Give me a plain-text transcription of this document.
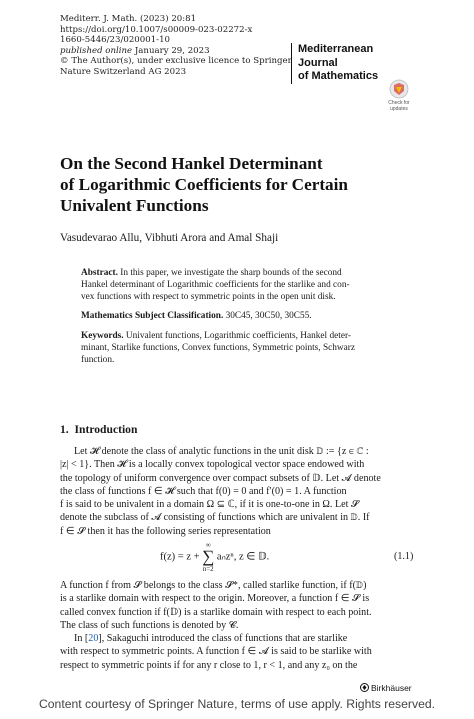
Mediterr. J. Math. (2023) 20:81
https://doi.org/10.1007/s00009-023-02272-x
1660-5446/23/020001-10
published online January 29, 2023
© The Author(s), under exclusive licence to Springer
Nature Switzerland AG 2023
Mediterranean Journal
of Mathematics
Check for
updates
On the Second Hankel Determinant
of Logarithmic Coefficients for Certain
Univalent Functions
Vasudevarao Allu, Vibhuti Arora and Amal Shaji
Abstract. In this paper, we investigate the sharp bounds of the second
Hankel determinant of Logarithmic coefficients for the starlike and con-
vex functions with respect to symmetric points in the open unit disk.
Mathematics Subject Classification. 30C45, 30C50, 30C55.
Keywords. Univalent functions, Logarithmic coefficients, Hankel deter-
minant, Starlike functions, Convex functions, Symmetric points, Schwarz
function.
1. Introduction
Let 𝓗 denote the class of analytic functions in the unit disk 𝔻 := {z ∈ ℂ :
|z| < 1}. Then 𝓗 is a locally convex topological vector space endowed with
the topology of uniform convergence over compact subsets of 𝔻. Let 𝓐 denote
the class of functions f ∈ 𝓗 such that f(0) = 0 and f′(0) = 1. A function
f is said to be univalent in a domain Ω ⊆ ℂ, if it is one-to-one in Ω. Let 𝓢
denote the subclass of 𝓐 consisting of functions which are univalent in 𝔻. If
f ∈ 𝓢 then it has the following series representation
f(z) = z + ∞
∑
n=2 aₙzⁿ, z ∈ 𝔻.	(1.1)
A function f from 𝓢 belongs to the class 𝓢*, called starlike function, if f(𝔻)
is a starlike domain with respect to the origin. Moreover, a function f ∈ 𝓢 is
called convex function if f(𝔻) is a starlike domain with respect to each point.
The class of such functions is denoted by 𝓒.
In [20], Sakaguchi introduced the class of functions that are starlike
with respect to symmetric points. A function f ∈ 𝓐 is said to be starlike with
respect to symmetric points if for any r close to 1, r < 1, and any z₀ on the
Birkhäuser
Content courtesy of Springer Nature, terms of use apply. Rights reserved.
